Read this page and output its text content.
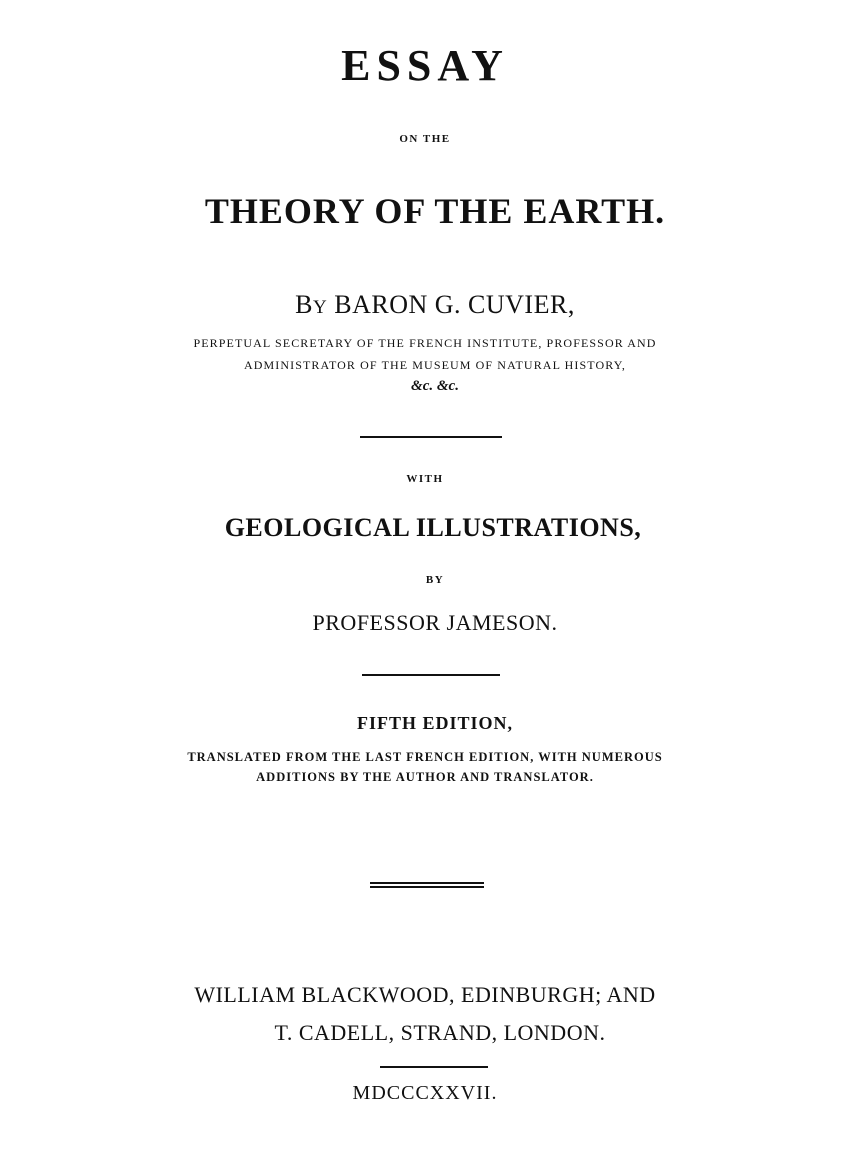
ESSAY
ON THE
THEORY OF THE EARTH.
BY BARON G. CUVIER,
PERPETUAL SECRETARY OF THE FRENCH INSTITUTE, PROFESSOR AND
ADMINISTRATOR OF THE MUSEUM OF NATURAL HISTORY,
&c. &c.
WITH
GEOLOGICAL ILLUSTRATIONS,
BY
PROFESSOR JAMESON.
FIFTH EDITION,
TRANSLATED FROM THE LAST FRENCH EDITION, WITH NUMEROUS
ADDITIONS BY THE AUTHOR AND TRANSLATOR.
WILLIAM BLACKWOOD, EDINBURGH; AND
T. CADELL, STRAND, LONDON.
MDCCCXXVII.
